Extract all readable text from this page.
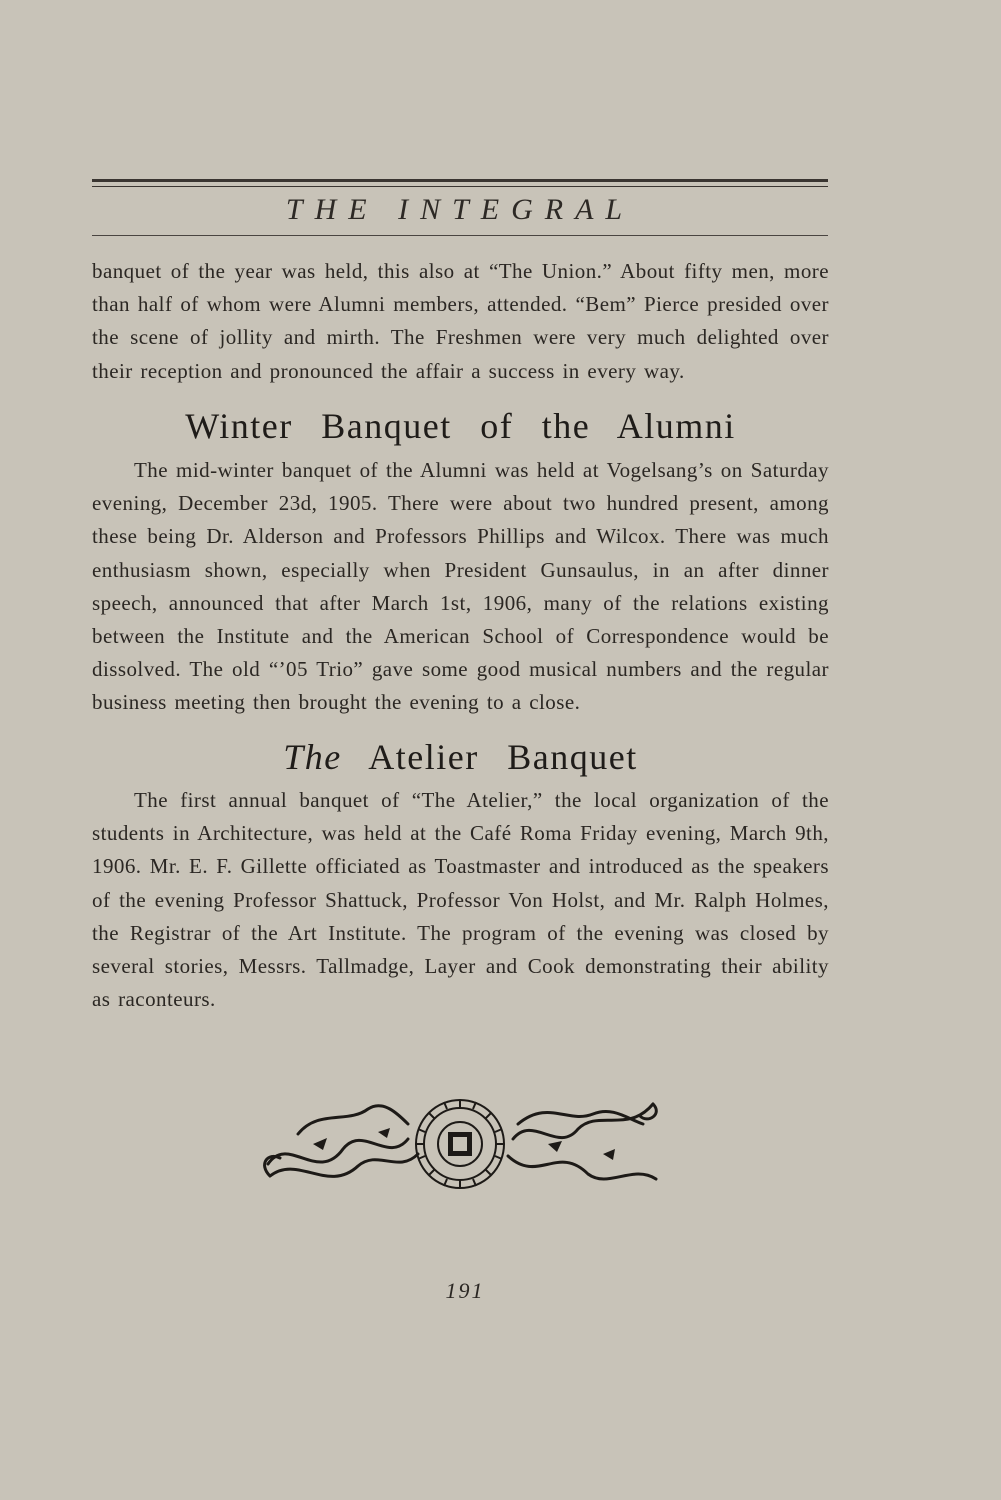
THE INTEGRAL

banquet of the year was held, this also at “The Union.” About fifty men, more than half of whom were Alumni members, attended. “Bem” Pierce presided over the scene of jollity and mirth. The Freshmen were very much delighted over their reception and pronounced the affair a success in every way.

Winter Banquet of the Alumni

The mid-winter banquet of the Alumni was held at Vogelsang’s on Saturday evening, December 23d, 1905. There were about two hundred present, among these being Dr. Alderson and Professors Phillips and Wilcox. There was much enthusiasm shown, especially when President Gunsaulus, in an after dinner speech, announced that after March 1st, 1906, many of the relations existing between the Institute and the American School of Correspondence would be dissolved. The old “’05 Trio” gave some good musical numbers and the regular business meeting then brought the evening to a close.

The Atelier Banquet

The first annual banquet of “The Atelier,” the local organization of the students in Architecture, was held at the Café Roma Friday evening, March 9th, 1906. Mr. E. F. Gillette officiated as Toastmaster and introduced as the speakers of the evening Professor Shattuck, Professor Von Holst, and Mr. Ralph Holmes, the Registrar of the Art Institute. The program of the evening was closed by several stories, Messrs. Tallmadge, Layer and Cook demonstrating their ability as raconteurs.

191
